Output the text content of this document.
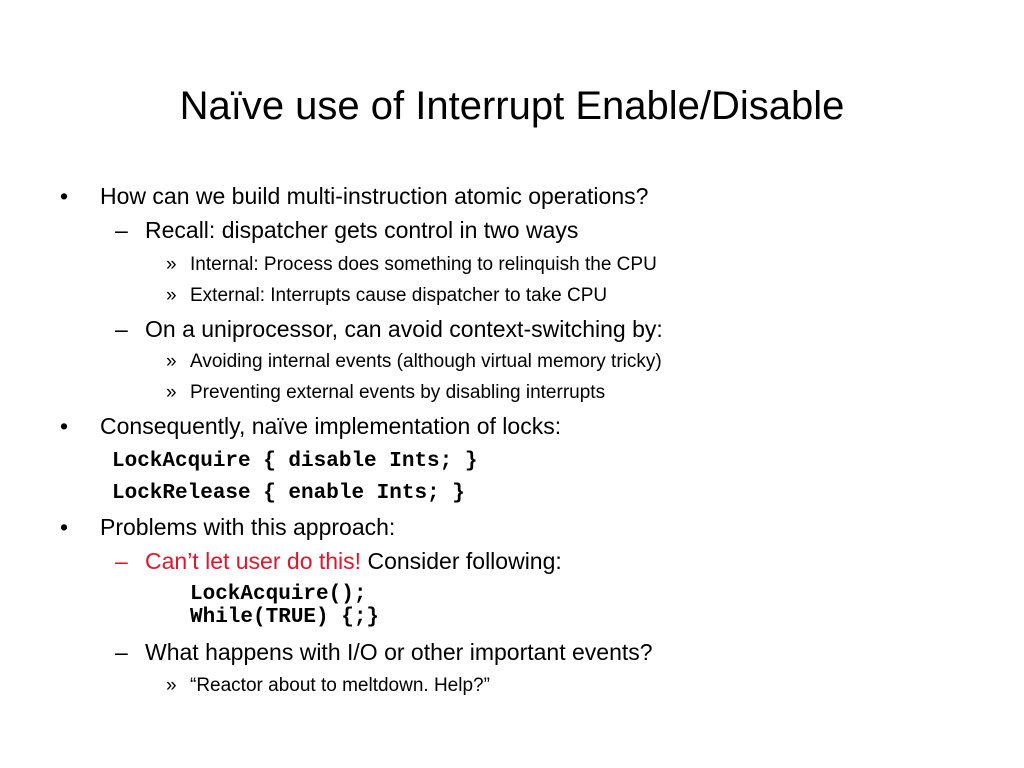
Naïve use of Interrupt Enable/Disable
• How can we build multi-instruction atomic operations?
– Recall: dispatcher gets control in two ways
» Internal: Process does something to relinquish the CPU
» External: Interrupts cause dispatcher to take CPU
– On a uniprocessor, can avoid context-switching by:
» Avoiding internal events (although virtual memory tricky)
» Preventing external events by disabling interrupts
• Consequently, naïve implementation of locks:
LockAcquire { disable Ints; }
LockRelease { enable Ints; }
• Problems with this approach:
– Can’t let user do this! Consider following:
LockAcquire();
While(TRUE) {;}
– What happens with I/O or other important events?
» “Reactor about to meltdown. Help?”
